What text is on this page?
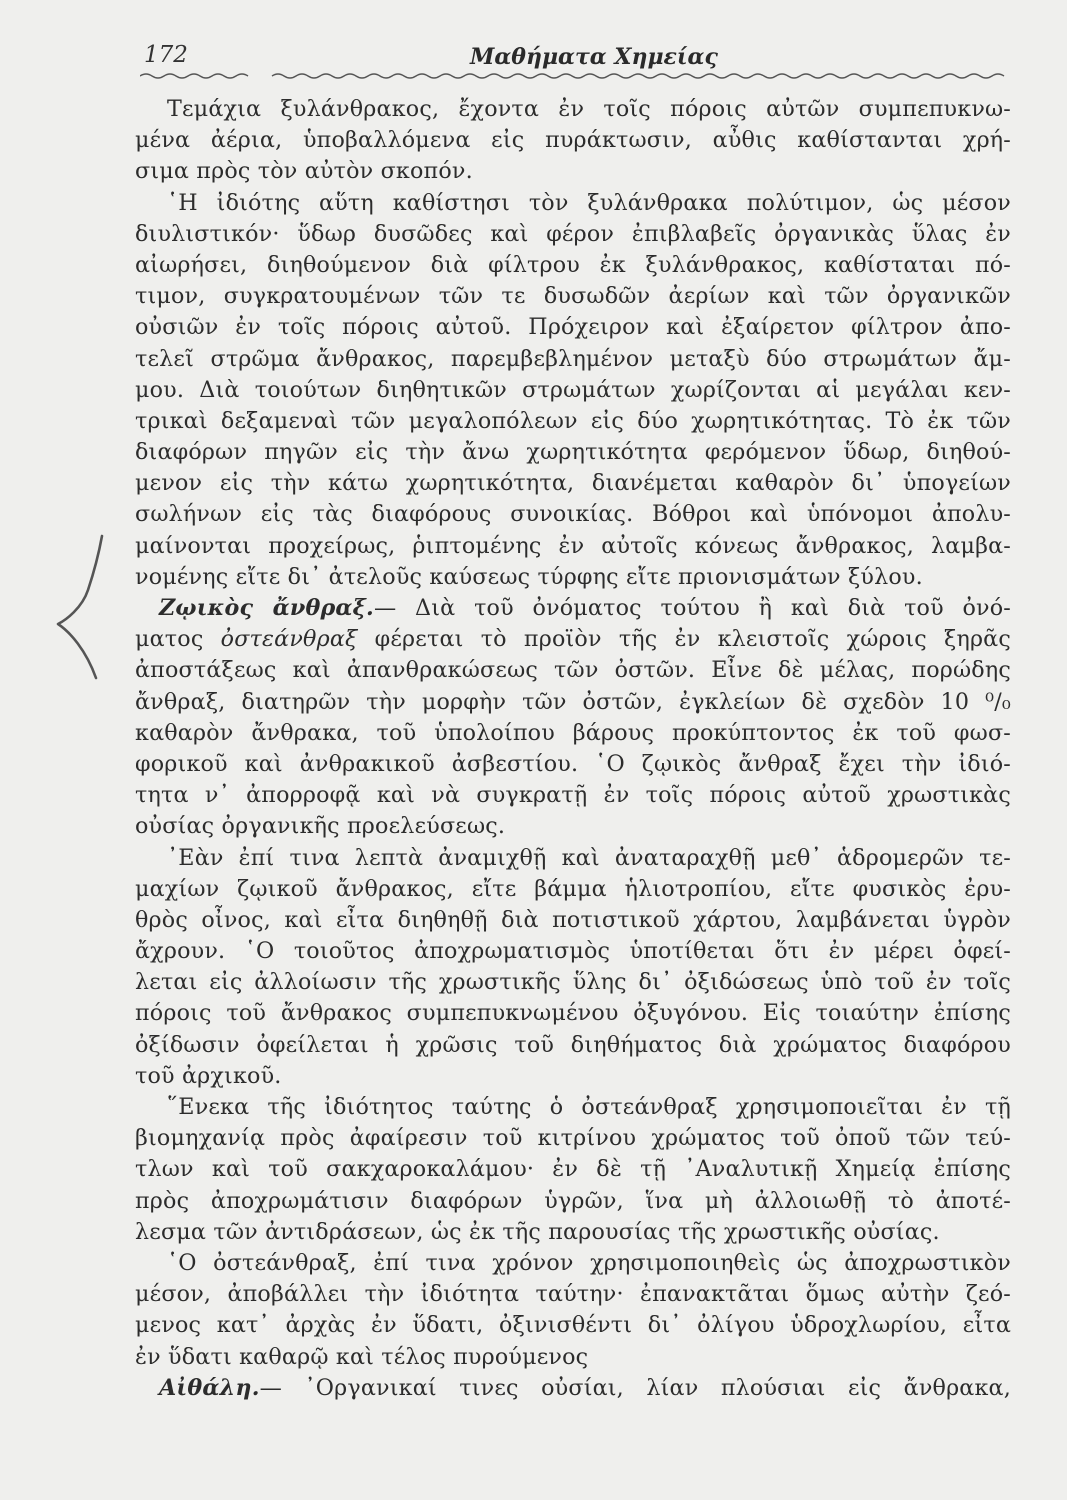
172	Μαθήματα Χημείας
Τεμάχια ξυλάνθρακος, ἔχοντα ἐν τοῖς πόροις αὐτῶν συμπεπυκνω-
μένα ἀέρια, ὑποβαλλόμενα εἰς πυράκτωσιν, αὖθις καθίστανται χρή-
σιμα πρὸς τὸν αὐτὸν σκοπόν.
῾Η ἰδιότης αὕτη καθίστησι τὸν ξυλάνθρακα πολύτιμον, ὡς μέσον
διυλιστικόν· ὕδωρ δυσῶδες καὶ φέρον ἐπιβλαβεῖς ὀργανικὰς ὕλας ἐν
αἰωρήσει, διηθούμενον διὰ φίλτρου ἐκ ξυλάνθρακος, καθίσταται πό-
τιμον, συγκρατουμένων τῶν τε δυσωδῶν ἀερίων καὶ τῶν ὀργανικῶν
οὐσιῶν ἐν τοῖς πόροις αὐτοῦ. Πρόχειρον καὶ ἐξαίρετον φίλτρον ἀπο-
τελεῖ στρῶμα ἄνθρακος, παρεμβεβλημένον μεταξὺ δύο στρωμάτων ἄμ-
μου. Διὰ τοιούτων διηθητικῶν στρωμάτων χωρίζονται αἱ μεγάλαι κεν-
τρικαὶ δεξαμεναὶ τῶν μεγαλοπόλεων εἰς δύο χωρητικότητας. Τὸ ἐκ τῶν
διαφόρων πηγῶν εἰς τὴν ἄνω χωρητικότητα φερόμενον ὕδωρ, διηθού-
μενον εἰς τὴν κάτω χωρητικότητα, διανέμεται καθαρὸν δι᾿ ὑπογείων
σωλήνων εἰς τὰς διαφόρους συνοικίας. Βόθροι καὶ ὑπόνομοι ἀπολυ-
μαίνονται προχείρως, ῥιπτομένης ἐν αὐτοῖς κόνεως ἄνθρακος, λαμβα-
νομένης εἴτε δι᾿ ἀτελοῦς καύσεως τύρφης εἴτε πριονισμάτων ξύλου.
Ζῳικὸς ἄνθραξ.— Διὰ τοῦ ὀνόματος τούτου ἢ καὶ διὰ τοῦ ὀνό-
ματος ὀστεάνθραξ φέρεται τὸ προϊὸν τῆς ἐν κλειστοῖς χώροις ξηρᾶς
ἀποστάξεως καὶ ἀπανθρακώσεως τῶν ὀστῶν. Εἶνε δὲ μέλας, πορώδης
ἄνθραξ, διατηρῶν τὴν μορφὴν τῶν ὀστῶν, ἐγκλείων δὲ σχεδὸν 10 ⁰/₀
καθαρὸν ἄνθρακα, τοῦ ὑπολοίπου βάρους προκύπτοντος ἐκ τοῦ φωσ-
φορικοῦ καὶ ἀνθρακικοῦ ἀσβεστίου. ῾Ο ζῳικὸς ἄνθραξ ἔχει τὴν ἰδιό-
τητα ν᾿ ἀπορροφᾷ καὶ νὰ συγκρατῇ ἐν τοῖς πόροις αὐτοῦ χρωστικὰς
οὐσίας ὀργανικῆς προελεύσεως.
᾿Εὰν ἐπί τινα λεπτὰ ἀναμιχθῇ καὶ ἀναταραχθῇ μεθ᾿ ἁδρομερῶν τε-
μαχίων ζῳικοῦ ἄνθρακος, εἴτε βάμμα ἡλιοτροπίου, εἴτε φυσικὸς ἐρυ-
θρὸς οἶνος, καὶ εἶτα διηθηθῇ διὰ ποτιστικοῦ χάρτου, λαμβάνεται ὑγρὸν
ἄχρουν. ῾Ο τοιοῦτος ἀποχρωματισμὸς ὑποτίθεται ὅτι ἐν μέρει ὀφεί-
λεται εἰς ἀλλοίωσιν τῆς χρωστικῆς ὕλης δι᾿ ὀξιδώσεως ὑπὸ τοῦ ἐν τοῖς
πόροις τοῦ ἄνθρακος συμπεπυκνωμένου ὀξυγόνου. Εἰς τοιαύτην ἐπίσης
ὀξίδωσιν ὀφείλεται ἡ χρῶσις τοῦ διηθήματος διὰ χρώματος διαφόρου
τοῦ ἀρχικοῦ.
῞Ενεκα τῆς ἰδιότητος ταύτης ὁ ὀστεάνθραξ χρησιμοποιεῖται ἐν τῇ
βιομηχανίᾳ πρὸς ἀφαίρεσιν τοῦ κιτρίνου χρώματος τοῦ ὀποῦ τῶν τεύ-
τλων καὶ τοῦ σακχαροκαλάμου· ἐν δὲ τῇ ᾿Αναλυτικῇ Χημείᾳ ἐπίσης
πρὸς ἀποχρωμάτισιν διαφόρων ὑγρῶν, ἵνα μὴ ἀλλοιωθῇ τὸ ἀποτέ-
λεσμα τῶν ἀντιδράσεων, ὡς ἐκ τῆς παρουσίας τῆς χρωστικῆς οὐσίας.
῾Ο ὀστεάνθραξ, ἐπί τινα χρόνον χρησιμοποιηθεὶς ὡς ἀποχρωστικὸν
μέσον, ἀποβάλλει τὴν ἰδιότητα ταύτην· ἐπανακτᾶται ὅμως αὐτὴν ζεό-
μενος κατ᾿ ἀρχὰς ἐν ὕδατι, ὀξινισθέντι δι᾿ ὀλίγου ὑδροχλωρίου, εἶτα
ἐν ὕδατι καθαρῷ καὶ τέλος πυρούμενος
Αἰθάλη.— ᾿Οργανικαί τινες οὐσίαι, λίαν πλούσιαι εἰς ἄνθρακα,
